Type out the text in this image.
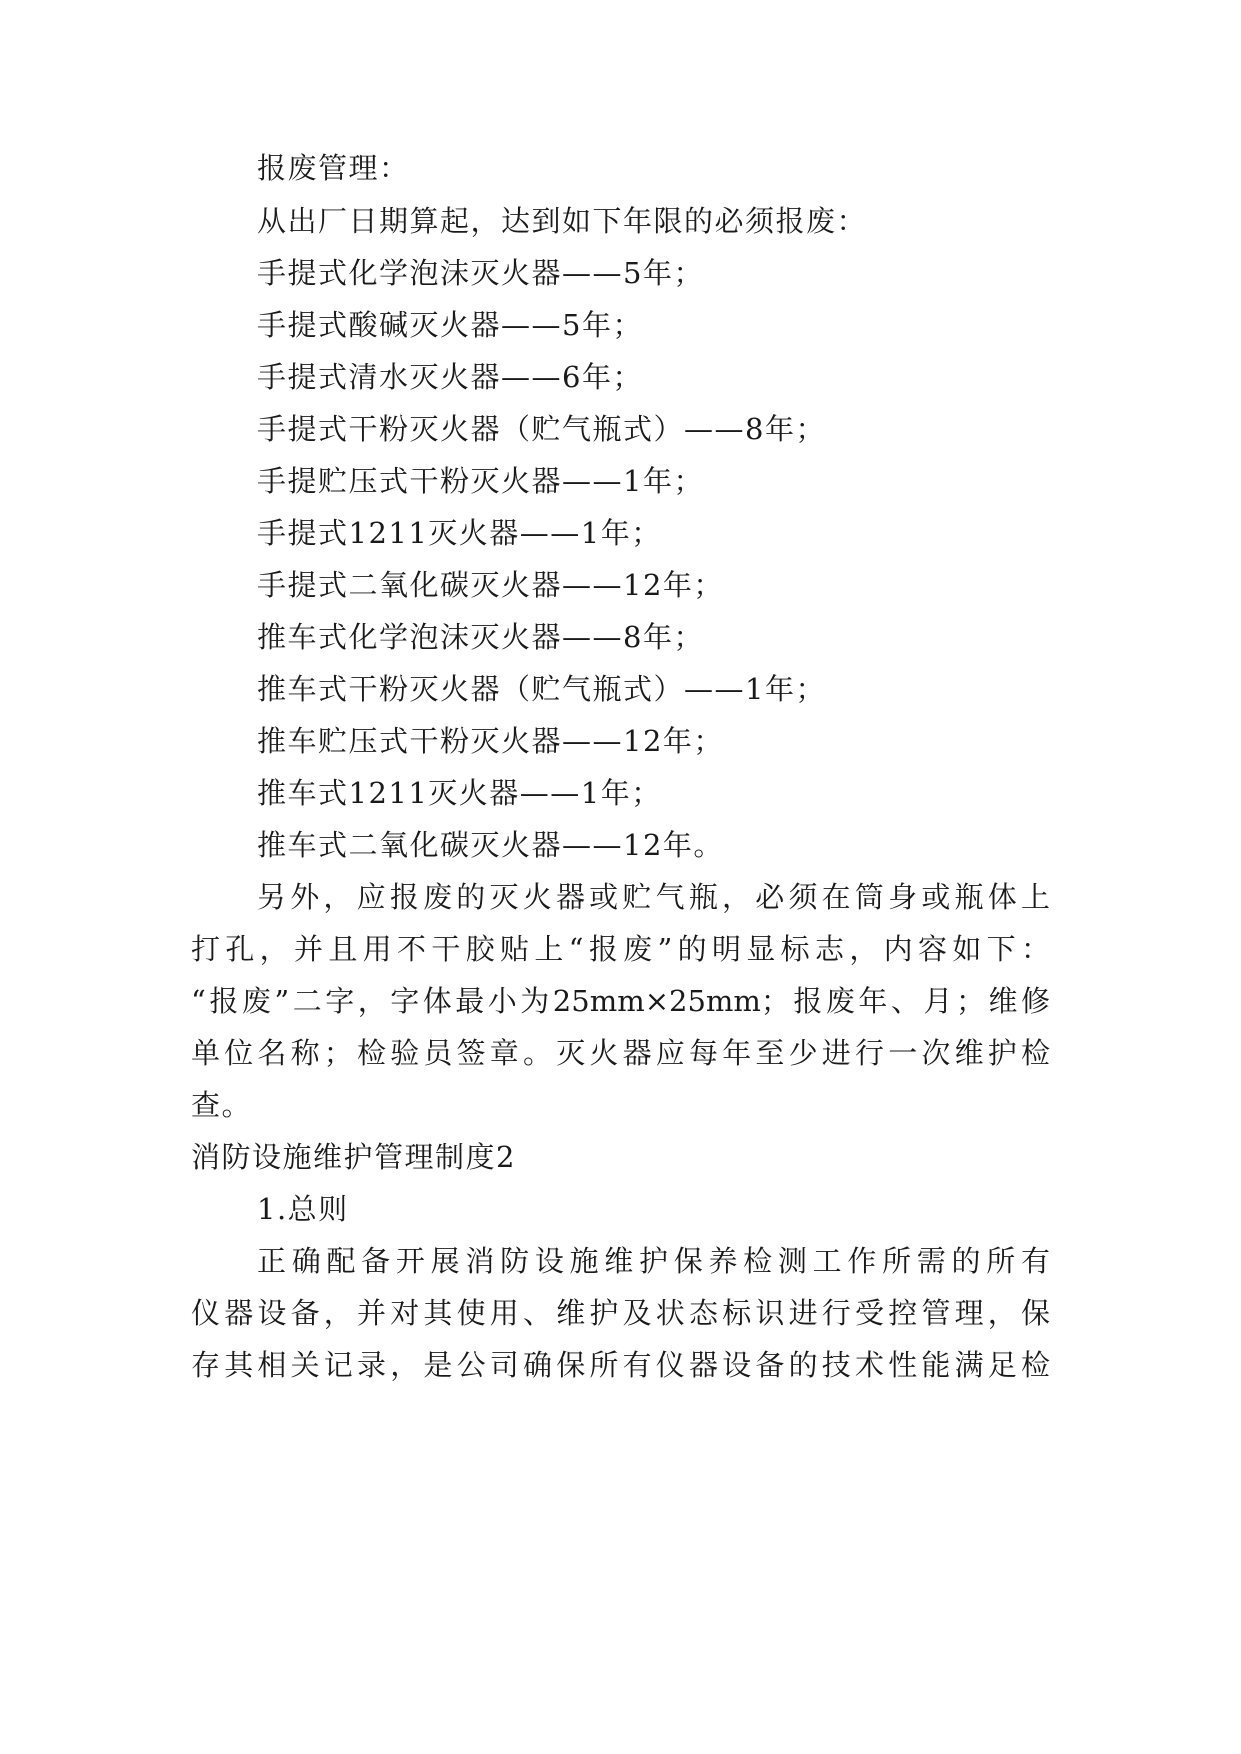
报废管理：
从出厂日期算起，达到如下年限的必须报废：
手提式化学泡沫灭火器——5年；
手提式酸碱灭火器——5年；
手提式清水灭火器——6年；
手提式干粉灭火器（贮气瓶式）——8年；
手提贮压式干粉灭火器——1年；
手提式1211灭火器——1年；
手提式二氧化碳灭火器——12年；
推车式化学泡沫灭火器——8年；
推车式干粉灭火器（贮气瓶式）——1年；
推车贮压式干粉灭火器——12年；
推车式1211灭火器——1年；
推车式二氧化碳灭火器——12年。
另外，应报废的灭火器或贮气瓶，必须在筒身或瓶体上
打孔，并且用不干胶贴上“报废”的明显标志，内容如下：
“报废”二字，字体最小为25mm×25mm；报废年、月；维修
单位名称；检验员签章。灭火器应每年至少进行一次维护检
查。
消防设施维护管理制度2
1.总则
正确配备开展消防设施维护保养检测工作所需的所有
仪器设备，并对其使用、维护及状态标识进行受控管理，保
存其相关记录，是公司确保所有仪器设备的技术性能满足检
